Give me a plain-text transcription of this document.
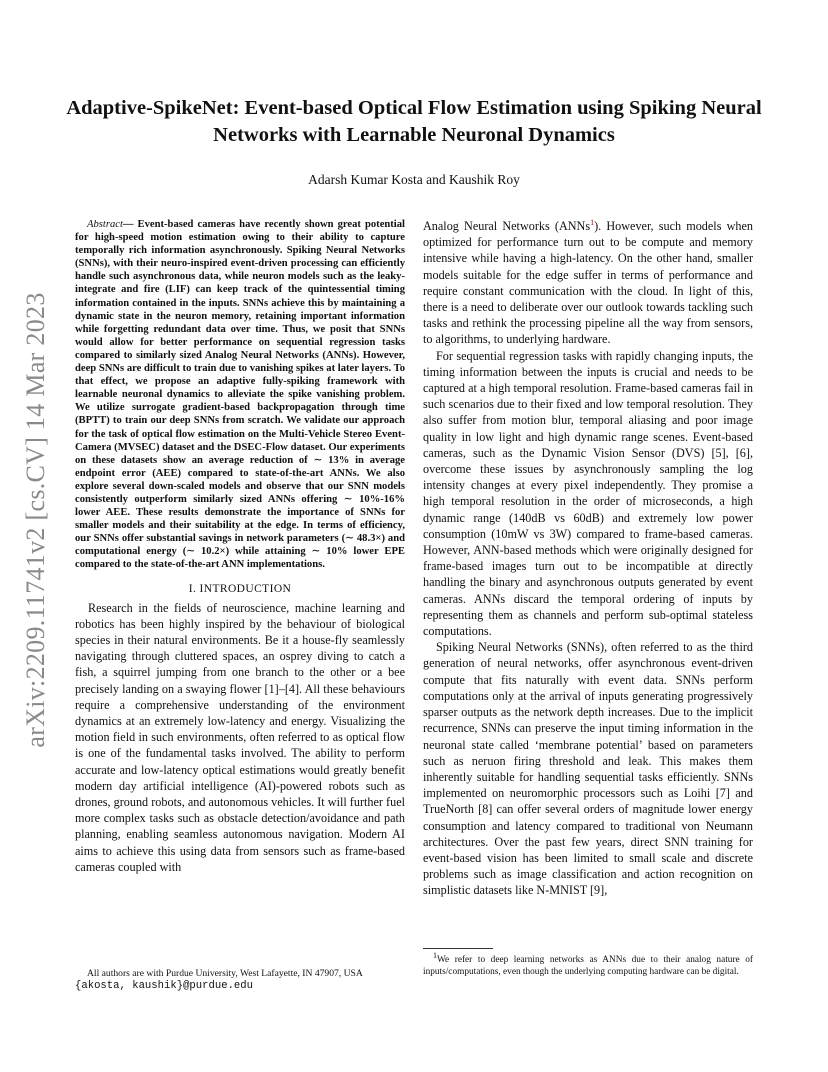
arXiv:2209.11741v2 [cs.CV] 14 Mar 2023
Adaptive-SpikeNet: Event-based Optical Flow Estimation using Spiking Neural Networks with Learnable Neuronal Dynamics
Adarsh Kumar Kosta and Kaushik Roy

Abstract— Event-based cameras have recently shown great potential for high-speed motion estimation owing to their ability to capture temporally rich information asynchronously. Spiking Neural Networks (SNNs), with their neuro-inspired event-driven processing can efficiently handle such asynchronous data, while neuron models such as the leaky-integrate and fire (LIF) can keep track of the quintessential timing information contained in the inputs. SNNs achieve this by maintaining a dynamic state in the neuron memory, retaining important information while forgetting redundant data over time. Thus, we posit that SNNs would allow for better performance on sequential regression tasks compared to similarly sized Analog Neural Networks (ANNs). However, deep SNNs are difficult to train due to vanishing spikes at later layers. To that effect, we propose an adaptive fully-spiking framework with learnable neuronal dynamics to alleviate the spike vanishing problem. We utilize surrogate gradient-based backpropagation through time (BPTT) to train our deep SNNs from scratch. We validate our approach for the task of optical flow estimation on the Multi-Vehicle Stereo Event-Camera (MVSEC) dataset and the DSEC-Flow dataset. Our experiments on these datasets show an average reduction of ∼ 13% in average endpoint error (AEE) compared to state-of-the-art ANNs. We also explore several down-scaled models and observe that our SNN models consistently outperform similarly sized ANNs offering ∼ 10%-16% lower AEE. These results demonstrate the importance of SNNs for smaller models and their suitability at the edge. In terms of efficiency, our SNNs offer substantial savings in network parameters (∼ 48.3×) and computational energy (∼ 10.2×) while attaining ∼ 10% lower EPE compared to the state-of-the-art ANN implementations.

I. INTRODUCTION

Research in the fields of neuroscience, machine learning and robotics has been highly inspired by the behaviour of biological species in their natural environments. Be it a house-fly seamlessly navigating through cluttered spaces, an osprey diving to catch a fish, a squirrel jumping from one branch to the other or a bee precisely landing on a swaying flower [1]–[4]. All these behaviours require a comprehensive understanding of the environment dynamics at an extremely low-latency and energy. Visualizing the motion field in such environments, often referred to as optical flow is one of the fundamental tasks involved. The ability to perform accurate and low-latency optical estimations would greatly benefit modern day artificial intelligence (AI)-powered robots such as drones, ground robots, and autonomous vehicles. It will further fuel more complex tasks such as obstacle detection/avoidance and path planning, enabling seamless autonomous navigation. Modern AI aims to achieve this using data from sensors such as frame-based cameras coupled with

All authors are with Purdue University, West Lafayette, IN 47907, USA
{akosta, kaushik}@purdue.edu

Analog Neural Networks (ANNs$^1$). However, such models when optimized for performance turn out to be compute and memory intensive while having a high-latency. On the other hand, smaller models suitable for the edge suffer in terms of performance and require constant communication with the cloud. In light of this, there is a need to deliberate over our outlook towards tackling such tasks and rethink the processing pipeline all the way from sensors, to algorithms, to underlying hardware.

For sequential regression tasks with rapidly changing inputs, the timing information between the inputs is crucial and needs to be captured at a high temporal resolution. Frame-based cameras fail in such scenarios due to their fixed and low temporal resolution. They also suffer from motion blur, temporal aliasing and poor image quality in low light and high dynamic range scenes. Event-based cameras, such as the Dynamic Vision Sensor (DVS) [5], [6], overcome these issues by asynchronously sampling the log intensity changes at every pixel independently. They promise a high temporal resolution in the order of microseconds, a high dynamic range (140dB vs 60dB) and extremely low power consumption (10mW vs 3W) compared to frame-based cameras. However, ANN-based methods which were originally designed for frame-based images turn out to be incompatible at directly handling the binary and asynchronous outputs generated by event cameras. ANNs discard the temporal ordering of inputs by representing them as channels and perform sub-optimal stateless computations.

Spiking Neural Networks (SNNs), often referred to as the third generation of neural networks, offer asynchronous event-driven compute that fits naturally with event data. SNNs perform computations only at the arrival of inputs generating progressively sparser outputs as the network depth increases. Due to the implicit recurrence, SNNs can preserve the input timing information in the neuronal state called ‘membrane potential’ based on parameters such as neruon firing threshold and leak. This makes them inherently suitable for handling sequential tasks efficiently. SNNs implemented on neuromorphic processors such as Loihi [7] and TrueNorth [8] can offer several orders of magnitude lower energy consumption and latency compared to traditional von Neumann architectures. Over the past few years, direct SNN training for event-based vision has been limited to small scale and discrete problems such as image classification and action recognition on simplistic datasets like N-MNIST [9],

$^1$We refer to deep learning networks as ANNs due to their analog nature of inputs/computations, even though the underlying computing hardware can be digital.
